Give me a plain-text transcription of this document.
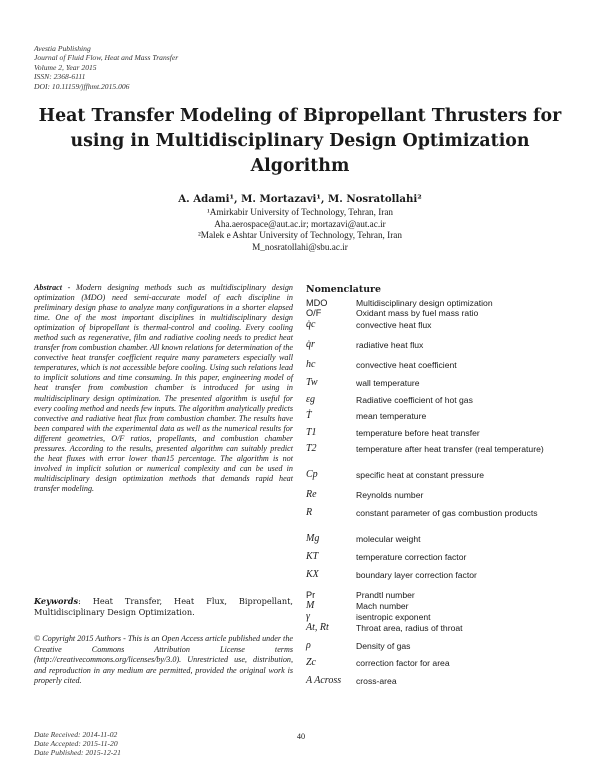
Avestia Publishing
Journal of Fluid Flow, Heat and Mass Transfer
Volume 2, Year 2015
ISSN: 2368-6111
DOI: 10.11159/jffhmt.2015.006
Heat Transfer Modeling of Bipropellant Thrusters for using in Multidisciplinary Design Optimization Algorithm
A. Adami¹, M. Mortazavi¹, M. Nosratollahi²
¹Amirkabir University of Technology, Tehran, Iran
Aha.aerospace@aut.ac.ir; mortazavi@aut.ac.ir
²Malek e Ashtar University of Technology, Tehran, Iran
M_nosratollahi@sbu.ac.ir
Abstract - Modern designing methods such as multidisciplinary design optimization (MDO) need semi-accurate model of each discipline in preliminary design phase to analyze many configurations in a shorter elapsed time. One of the most important disciplines in multidisciplinary design optimization of bipropellant is thermal-control and cooling. Every cooling method such as regenerative, film and radiative cooling needs to predict heat transfer from combustion chamber. All known relations for determination of the convective heat transfer coefficient require many parameters especially wall temperatures, which is not accessible before cooling. Using such relations lead to implicit solutions and time consuming. In this paper, engineering model of heat transfer from combustion chamber is introduced for using in multidisciplinary design optimization. The presented algorithm is useful for every cooling method and needs few inputs. The algorithm analytically predicts convective and radiative heat flux from combustion chamber. The results have been compared with the experimental data as well as the numerical results for different geometries, O/F ratios, propellants, and combustion chamber pressures. According to the results, presented algorithm can suitably predict the heat fluxes with error lower than15 percentage. The algorithm is not involved in implicit solution or numerical complexity and can be used in multidisciplinary design optimization methods that demands rapid heat transfer modeling.
Keywords: Heat Transfer, Heat Flux, Bipropellant, Multidisciplinary Design Optimization.
© Copyright 2015 Authors - This is an Open Access article published under the Creative Commons Attribution License terms (http://creativecommons.org/licenses/by/3.0). Unrestricted use, distribution, and reproduction in any medium are permitted, provided the original work is properly cited.
Date Received: 2014-11-02
Date Accepted: 2015-11-20
Date Published: 2015-12-21
40
Nomenclature
MDO	Multidisciplinary design optimization
O/F	Oxidant mass by fuel mass ratio
q̇c	convective heat flux
q̇r	radiative heat flux
hc	convective heat coefficient
Tw	wall temperature
εg	Radiative coefficient of hot gas
Ṫ	mean temperature
T1	temperature before heat transfer
T2	temperature after heat transfer (real temperature)
Cp	specific heat at constant pressure
Re	Reynolds number
R	constant parameter of gas combustion products
Mg	molecular weight
KT	temperature correction factor
KX	boundary layer correction factor
Pr	Prandtl number
M	Mach number
γ	isentropic exponent
At, Rt	Throat area, radius of throat
ρ	Density of gas
Zc	correction factor for area
A Across	cross-area
